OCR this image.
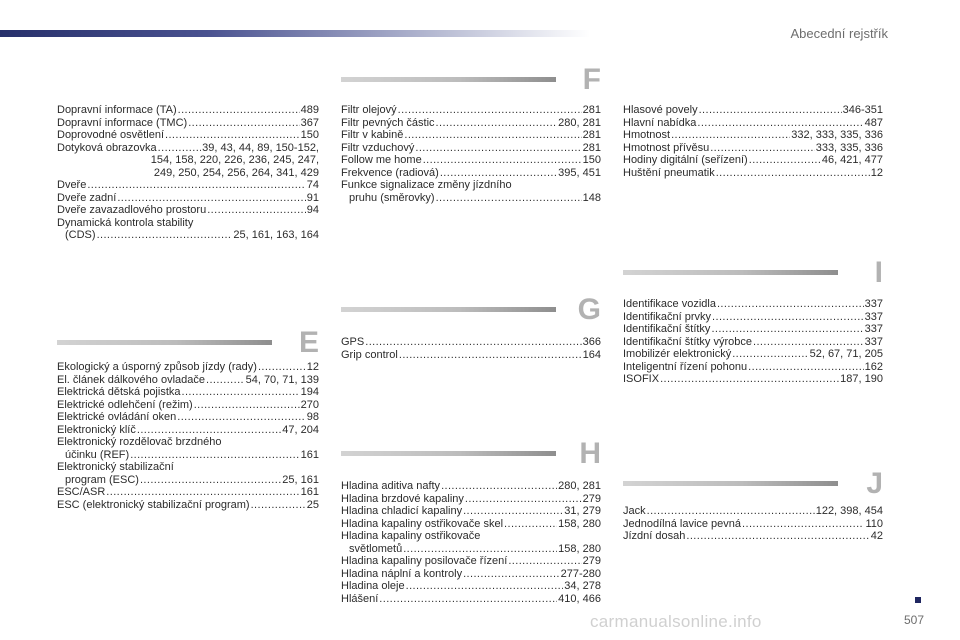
Abecední rejstřík
Dopravní informace (TA) .....	489
Dopravní informace (TMC) .....	367
Doprovodné osvětlení .....	150
Dotyková obrazovka .....	39, 43, 44, 89, 150-152,
154, 158, 220, 226, 236, 245, 247,
249, 250, 254, 256, 264, 341, 429
Dveře .....	74
Dveře zadní .....	91
Dveře zavazadlového prostoru .....	94
Dynamická kontrola stability
(CDS) .....	25, 161, 163, 164
E
Ekologický a úsporný způsob jízdy (rady) .....	12
El. článek dálkového ovladače .....	54, 70, 71, 139
Elektrická dětská pojistka .....	194
Elektrické odlehčení (režim) .....	270
Elektrické ovládání oken .....	98
Elektronický klíč .....	47, 204
Elektronický rozdělovač brzdného
účinku (REF) .....	161
Elektronický stabilizační
program (ESC) .....	25, 161
ESC/ASR .....	161
ESC (elektronický stabilizační program) .....	25
F
Filtr olejový .....	281
Filtr pevných částic .....	280, 281
Filtr v kabině .....	281
Filtr vzduchový .....	281
Follow me home .....	150
Frekvence (radiová) .....	395, 451
Funkce signalizace změny jízdního
pruhu (směrovky) .....	148
G
GPS .....	366
Grip control .....	164
H
Hladina aditiva nafty .....	280, 281
Hladina brzdové kapaliny .....	279
Hladina chladicí kapaliny .....	31, 279
Hladina kapaliny ostřikovače skel .....	158, 280
Hladina kapaliny ostřikovače
světlometů .....	158, 280
Hladina kapaliny posilovače řízení .....	279
Hladina náplní a kontroly .....	277-280
Hladina oleje .....	34, 278
Hlášení .....	410, 466
Hlasové povely .....	346-351
Hlavní nabídka .....	487
Hmotnost .....	332, 333, 335, 336
Hmotnost přívěsu .....	333, 335, 336
Hodiny digitální (seřízení) .....	46, 421, 477
Huštění pneumatik .....	12
I
Identifikace vozidla .....	337
Identifikační prvky .....	337
Identifikační štítky .....	337
Identifikační štítky výrobce .....	337
Imobilizér elektronický .....	52, 67, 71, 205
Inteligentní řízení pohonu .....	162
ISOFIX .....	187, 190
J
Jack .....	122, 398, 454
Jednodílná lavice pevná .....	110
Jízdní dosah .....	42
carmanualsonline.info	507
